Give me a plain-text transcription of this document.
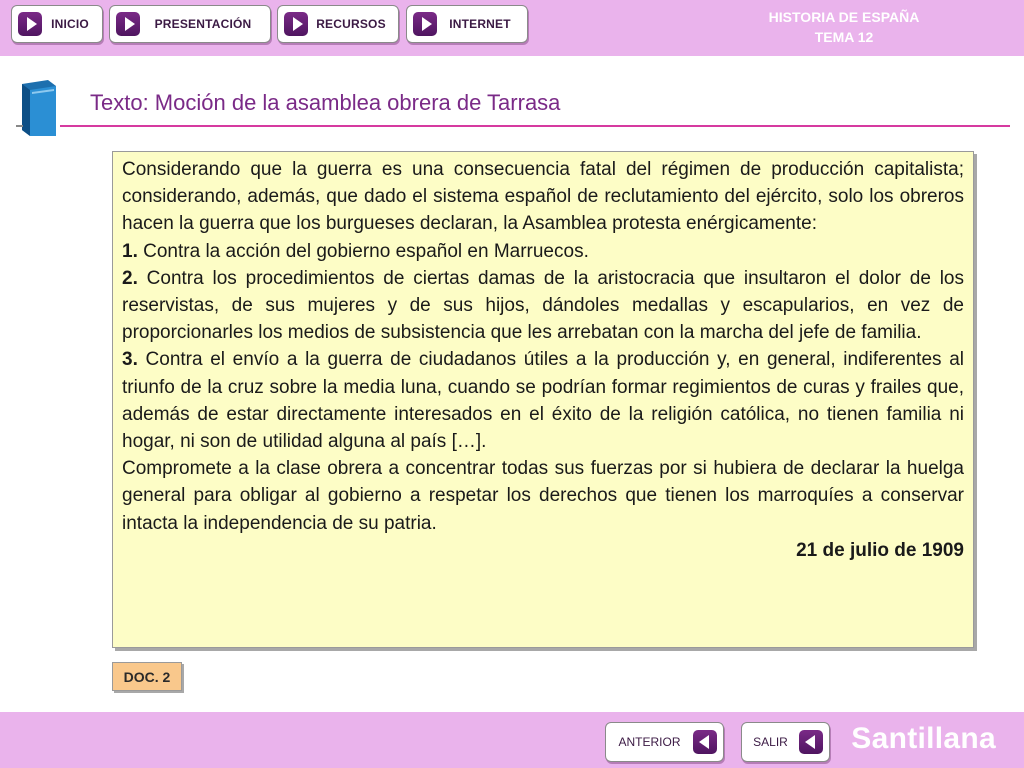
INICIO	PRESENTACIÓN	RECURSOS	INTERNET	HISTORIA DE ESPAÑA
TEMA 12
Texto: Moción de la asamblea obrera de Tarrasa

Considerando que la guerra es una consecuencia fatal del régimen de producción capitalista; considerando, además, que dado el sistema español de reclutamiento del ejército, solo los obreros hacen la guerra que los burgueses declaran, la Asamblea protesta enérgicamente:

1. Contra la acción del gobierno español en Marruecos.

2. Contra los procedimientos de ciertas damas de la aristocracia que insultaron el dolor de los reservistas, de sus mujeres y de sus hijos, dándoles medallas y escapularios, en vez de proporcionarles los medios de subsistencia que les arrebatan con la marcha del jefe de familia.

3. Contra el envío a la guerra de ciudadanos útiles a la producción y, en general, indiferentes al triunfo de la cruz sobre la media luna, cuando se podrían formar regimientos de curas y frailes que, además de estar directamente interesados en el éxito de la religión católica, no tienen familia ni hogar, ni son de utilidad alguna al país […].

Compromete a la clase obrera a concentrar todas sus fuerzas por si hubiera de declarar la huelga general para obligar al gobierno a respetar los derechos que tienen los marroquíes a conservar intacta la independencia de su patria.

21 de julio de 1909

DOC. 2
ANTERIOR	SALIR	Santillana
